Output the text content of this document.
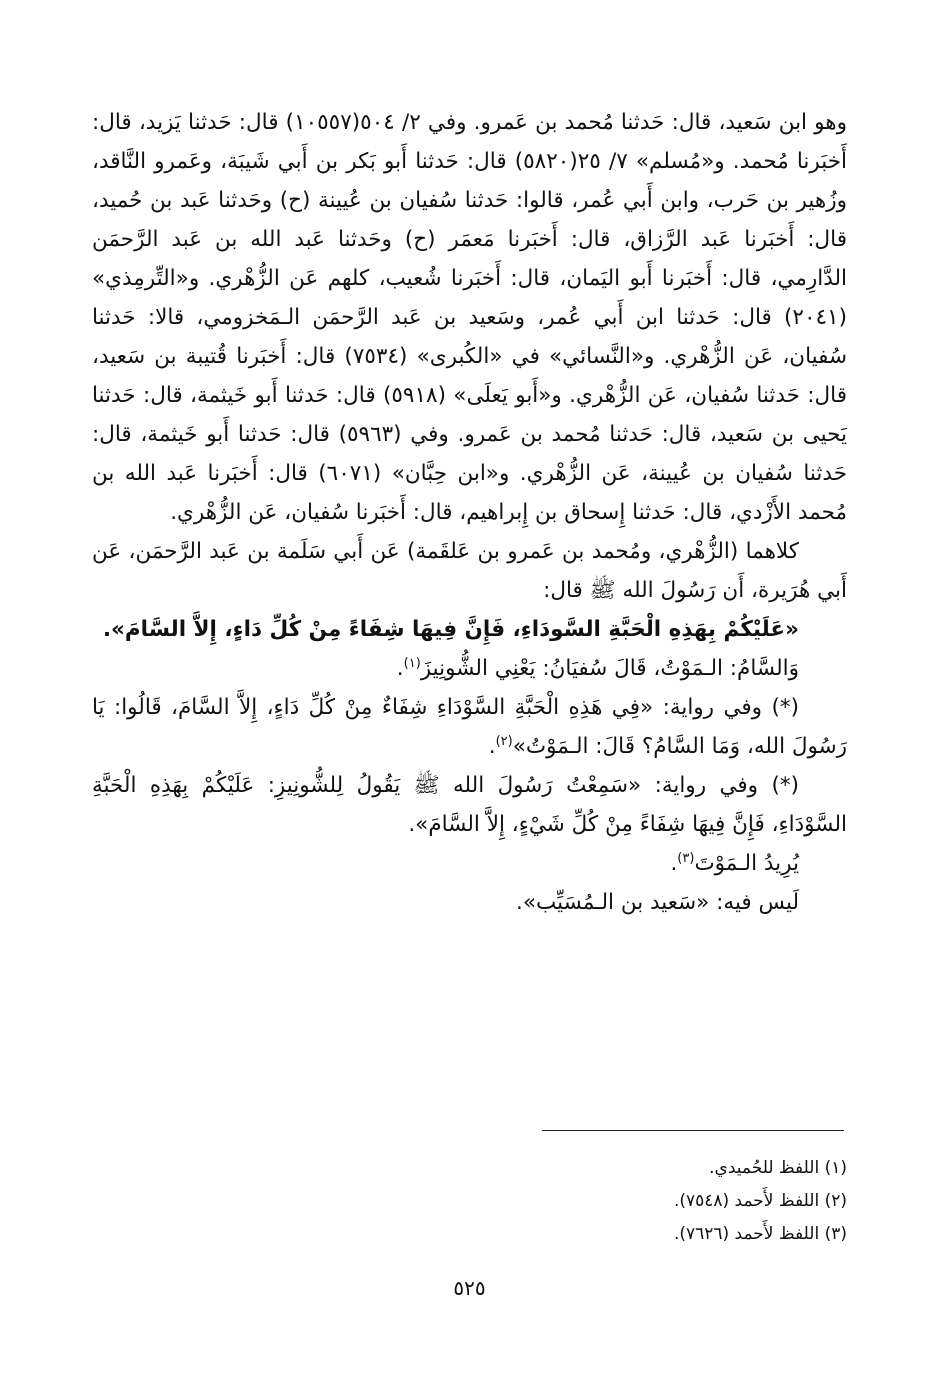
وهو ابن سَعيد، قال: حَدثنا مُحمد بن عَمرو. وفي ٢/ ٥٠٤(١٠٥٥٧) قال: حَدثنا يَزيد، قال: أَخبَرنا مُحمد. و«مُسلم» ٧/ ٢٥(٥٨٢٠) قال: حَدثنا أَبو بَكر بن أَبي شَيبَة، وعَمرو النَّاقد، وزُهير بن حَرب، وابن أَبي عُمر، قالوا: حَدثنا سُفيان بن عُيينة (ح) وحَدثنا عَبد بن حُميد، قال: أَخبَرنا عَبد الرَّزاق، قال: أَخبَرنا مَعمَر (ح) وحَدثنا عَبد الله بن عَبد الرَّحمَن الدَّارِمي، قال: أَخبَرنا أَبو اليَمان، قال: أَخبَرنا شُعيب، كلهم عَن الزُّهْري. و«التِّرمِذي» (٢٠٤١) قال: حَدثنا ابن أَبي عُمر، وسَعيد بن عَبد الرَّحمَن الـمَخزومي، قالا: حَدثنا سُفيان، عَن الزُّهْري. و«النَّسائي» في «الكُبرى» (٧٥٣٤) قال: أَخبَرنا قُتيبة بن سَعيد، قال: حَدثنا سُفيان، عَن الزُّهْري. و«أَبو يَعلَى» (٥٩١٨) قال: حَدثنا أَبو خَيثمة، قال: حَدثنا يَحيى بن سَعيد، قال: حَدثنا مُحمد بن عَمرو. وفي (٥٩٦٣) قال: حَدثنا أَبو خَيثمة، قال: حَدثنا سُفيان بن عُيينة، عَن الزُّهْري. و«ابن حِبَّان» (٦٠٧١) قال: أَخبَرنا عَبد الله بن مُحمد الأَزْدي، قال: حَدثنا إِسحاق بن إِبراهيم، قال: أَخبَرنا سُفيان، عَن الزُّهْري.

كلاهما (الزُّهْري، ومُحمد بن عَمرو بن عَلقَمة) عَن أَبي سَلَمة بن عَبد الرَّحمَن، عَن أَبي هُرَيرة، أَن رَسُولَ الله ﷺ قال:

«عَلَيْكُمْ بِهَذِهِ الْحَبَّةِ السَّودَاءِ، فَإِنَّ فِيهَا شِفَاءً مِنْ كُلِّ دَاءٍ، إِلاَّ السَّامَ».

وَالسَّامُ: الـمَوْتُ، قَالَ سُفيَانُ: يَعْنِي الشُّونِيزَ$^{(١)}$.

(*) وفي رواية: «فِي هَذِهِ الْحَبَّةِ السَّوْدَاءِ شِفَاءٌ مِنْ كُلِّ دَاءٍ، إِلاَّ السَّامَ، قَالُوا: يَا رَسُولَ الله، وَمَا السَّامُ؟ قَالَ: الـمَوْتُ»$^{(٢)}$.

(*) وفي رواية: «سَمِعْتُ رَسُولَ الله ﷺ يَقُولُ لِلشُّونِيزِ: عَلَيْكُمْ بِهَذِهِ الْحَبَّةِ السَّوْدَاءِ، فَإِنَّ فِيهَا شِفَاءً مِنْ كُلِّ شَيْءٍ، إِلاَّ السَّامَ».

يُرِيدُ الـمَوْتَ$^{(٣)}$.

لَيس فيه: «سَعيد بن الـمُسَيِّب».

(١) اللفظ للحُميدي.
(٢) اللفظ لأَحمد (٧٥٤٨).
(٣) اللفظ لأَحمد (٧٦٢٦).
٥٢٥
